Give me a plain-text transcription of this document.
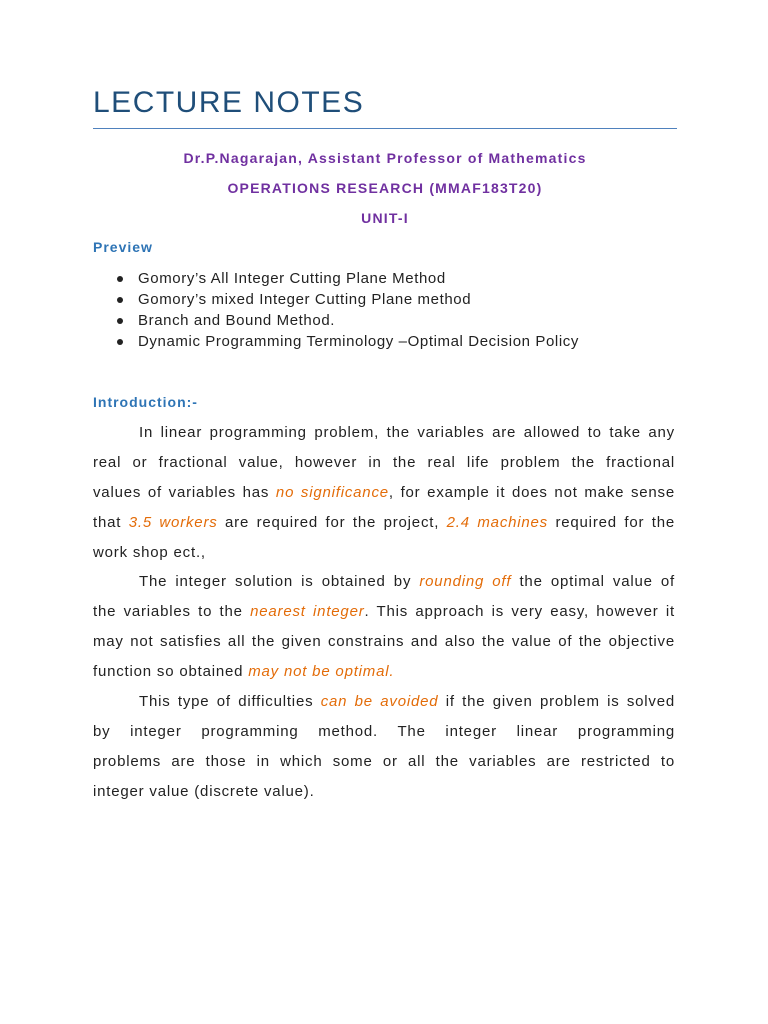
LECTURE NOTES
Dr.P.Nagarajan, Assistant Professor of Mathematics
OPERATIONS RESEARCH (MMAF183T20)
UNIT-I
Preview
Gomory’s All Integer Cutting Plane Method
Gomory’s mixed Integer Cutting Plane method
Branch and Bound Method.
Dynamic Programming Terminology –Optimal Decision Policy
Introduction:-
In linear programming problem, the variables are allowed to take any
real or fractional value, however in the real life problem the fractional
values of variables has no significance, for example it does not make sense
that 3.5 workers are required for the project, 2.4 machines required for the
work shop ect.,
The integer solution is obtained by rounding off the optimal value of
the variables to the nearest integer. This approach is very easy, however it
may not satisfies all the given constrains and also the value of the objective
function so obtained may not be optimal.
This type of difficulties can be avoided if the given problem is solved
by integer programming method. The integer linear programming
problems are those in which some or all the variables are restricted to
integer value (discrete value).
